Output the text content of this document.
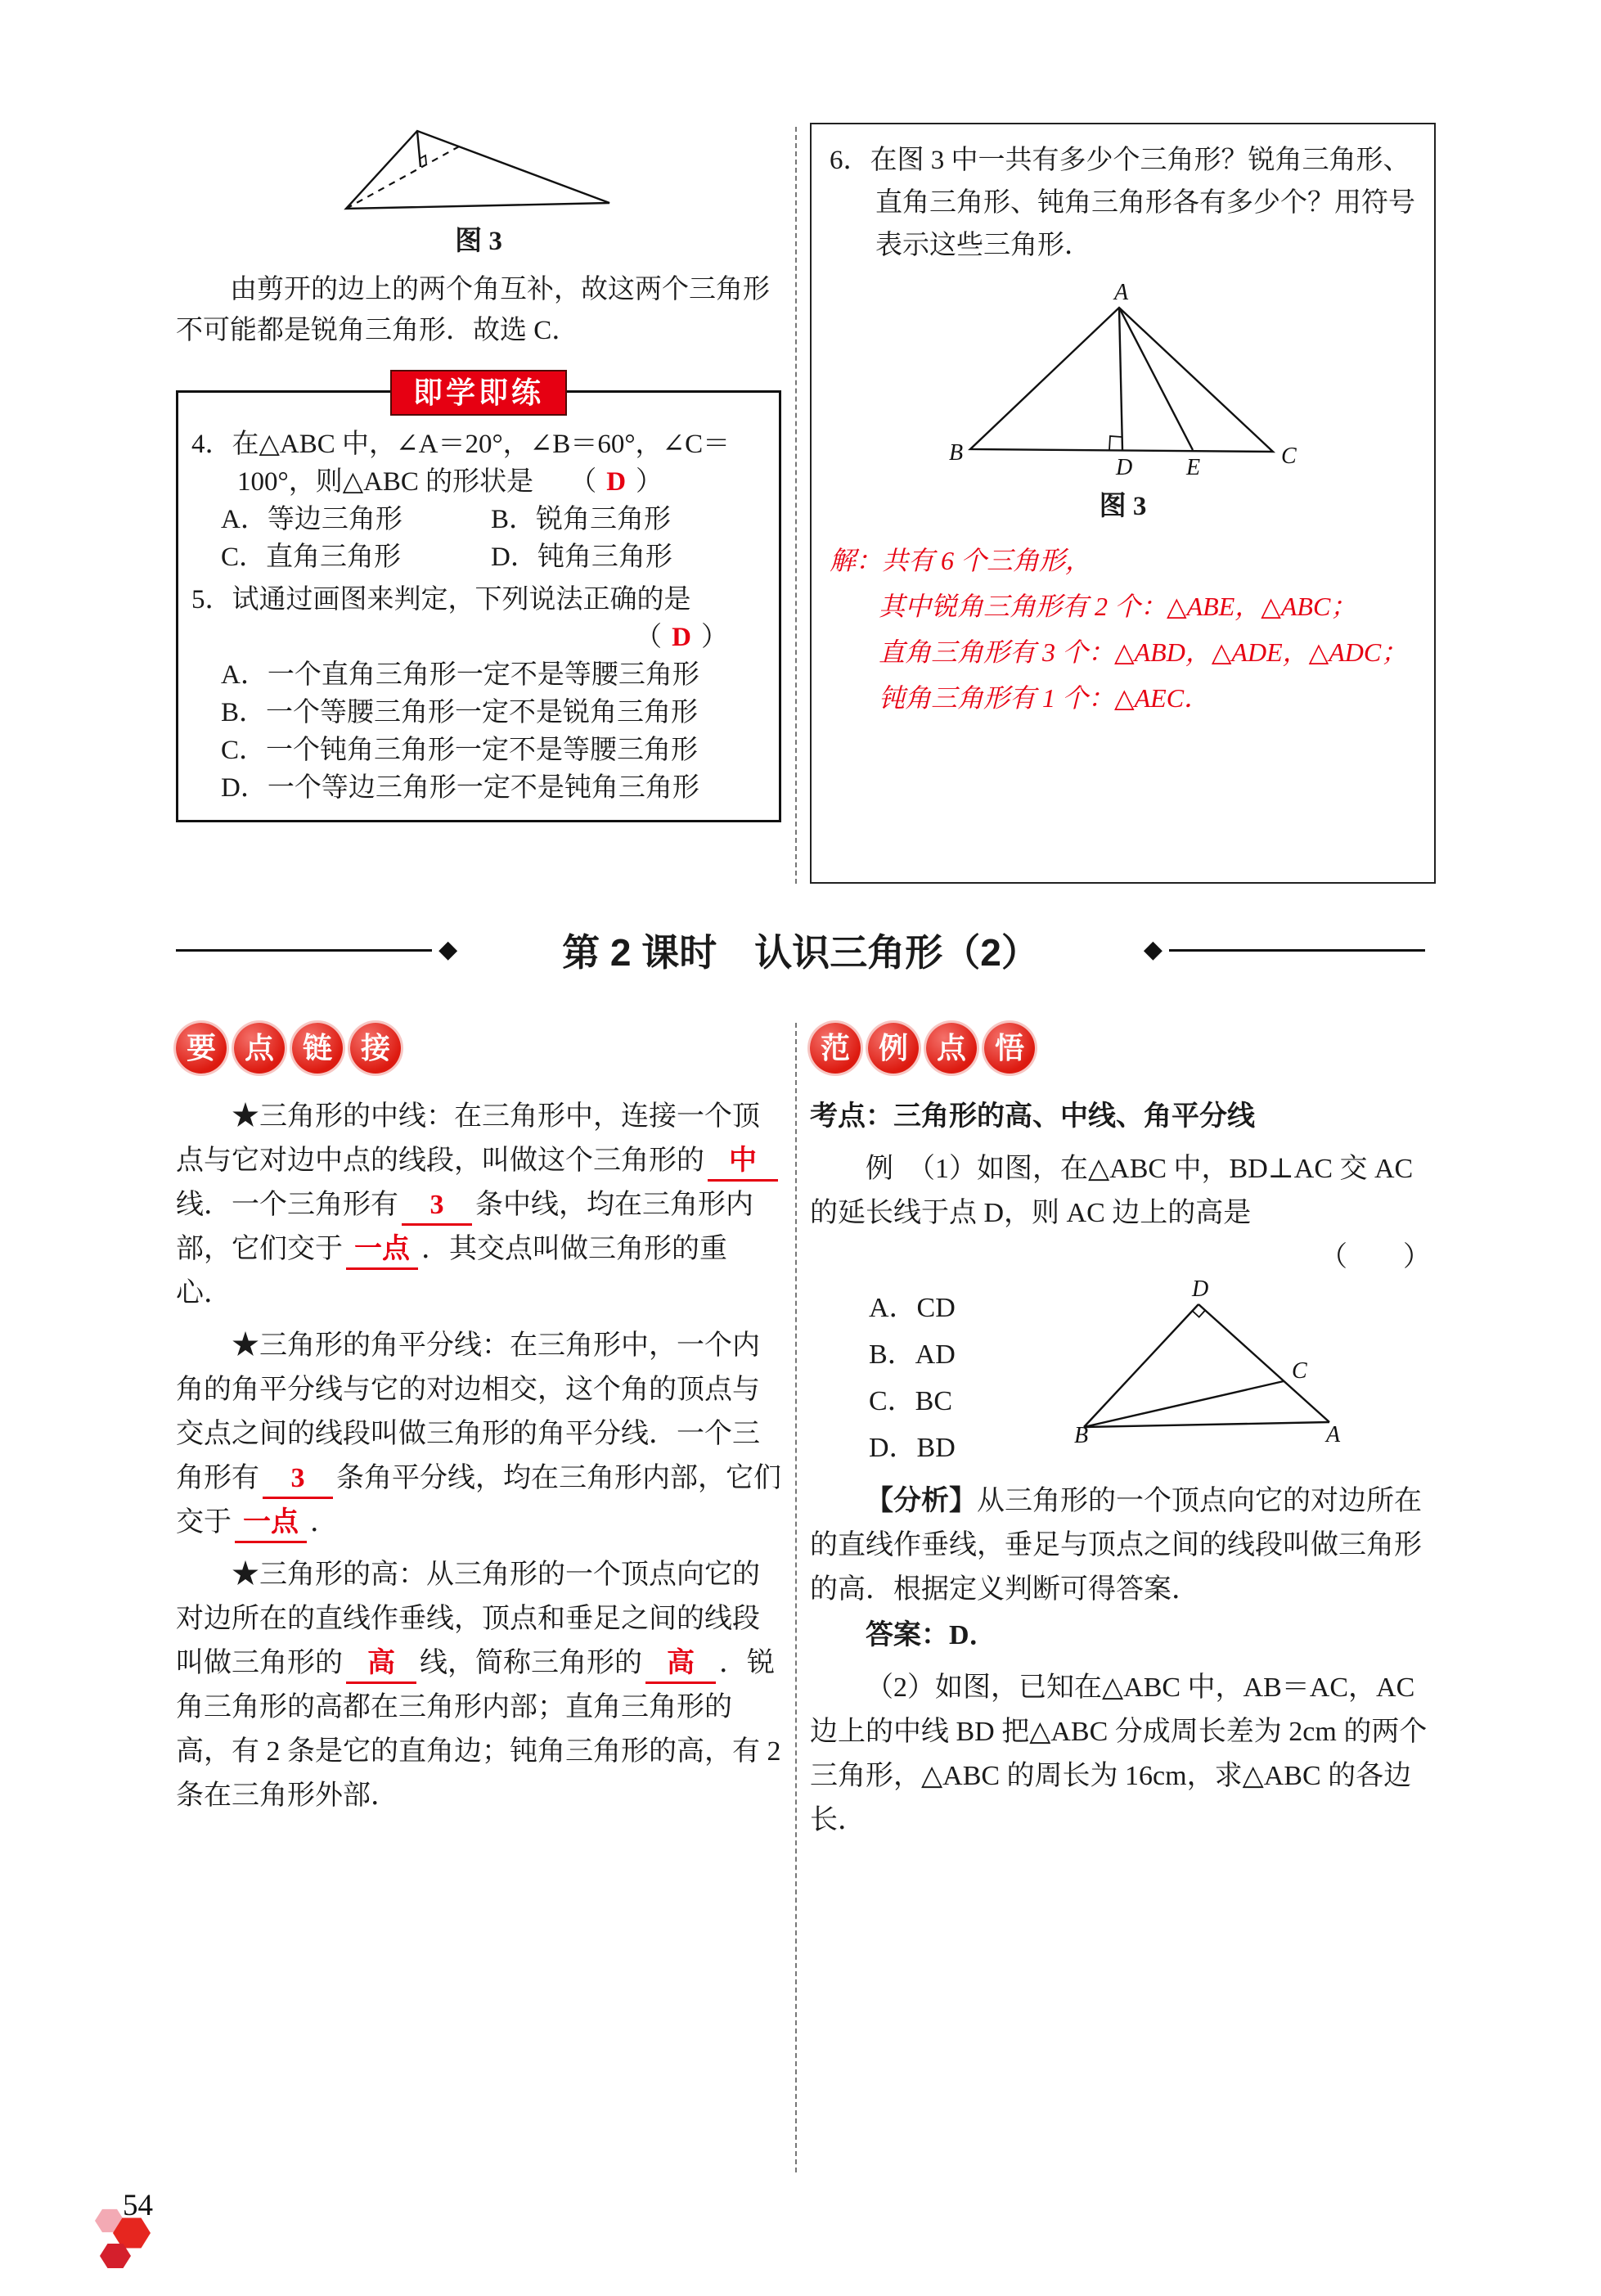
图 3

由剪开的边上的两个角互补，故这两个三角形不可能都是锐角三角形．故选 C．

即学即练

4．在△ABC 中，∠A＝20°，∠B＝60°，∠C＝100°，则△ABC 的形状是 （ D ）

A．等边三角形	B．锐角三角形
C．直角三角形	D．钝角三角形

5．试通过画图来判定，下列说法正确的是

（ D ）
A．一个直角三角形一定不是等腰三角形
B．一个等腰三角形一定不是锐角三角形
C．一个钝角三角形一定不是等腰三角形
D．一个等边三角形一定不是钝角三角形

6．在图 3 中一共有多少个三角形？锐角三角形、直角三角形、钝角三角形各有多少个？用符号表示这些三角形．

A
B
D E	C
图 3
解：共有 6 个三角形，
其中锐角三角形有 2 个：△ABE，△ABC；
直角三角形有 3 个：△ABD，△ADE，△ADC；
钝角三角形有 1 个：△AEC．
◆	第 2 课时　认识三角形（2）	◆
要 点 链 接

★三角形的中线：在三角形中，连接一个顶点与它对边中点的线段，叫做这个三角形的 中线．一个三角形有 3 条中线，均在三角形内部，它们交于 一点 ．其交点叫做三角形的重心．

★三角形的角平分线：在三角形中，一个内角的角平分线与它的对边相交，这个角的顶点与交点之间的线段叫做三角形的角平分线．一个三角形有 3 条角平分线，均在三角形内部，它们交于 一点 ．

★三角形的高：从三角形的一个顶点向它的对边所在的直线作垂线，顶点和垂足之间的线段叫做三角形的 高 线，简称三角形的 高 ．锐角三角形的高都在三角形内部；直角三角形的高，有 2 条是它的直角边；钝角三角形的高，有 2 条在三角形外部．

范 例 点 悟

考点：三角形的高、中线、角平分线

例　（1）如图，在△ABC 中，BD⊥AC 交 AC 的延长线于点 D，则 AC 边上的高是

（　　）
A．CD
B．AD
C．BC
D．BD
D
C
B	A

【分析】从三角形的一个顶点向它的对边所在的直线作垂线，垂足与顶点之间的线段叫做三角形的高．根据定义判断可得答案．

答案：D．

（2）如图，已知在△ABC 中，AB＝AC，AC 边上的中线 BD 把△ABC 分成周长差为 2cm 的两个三角形，△ABC 的周长为 16cm，求△ABC 的各边长．

54
